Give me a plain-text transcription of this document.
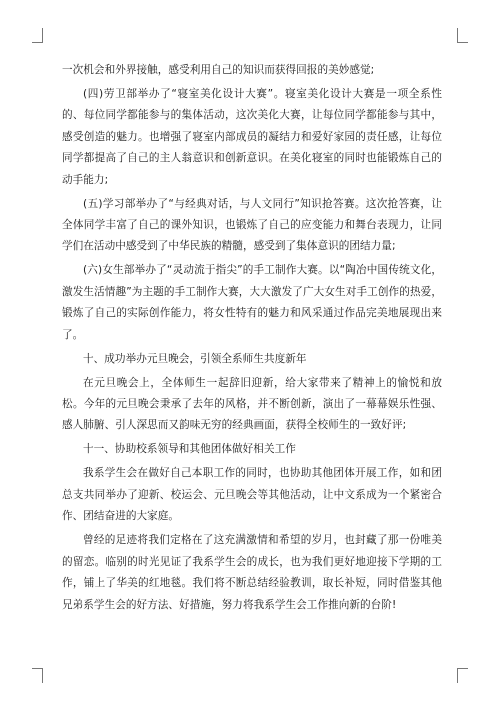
一次机会和外界接触，感受利用自己的知识而获得回报的美妙感觉;

(四)劳卫部举办了“寝室美化设计大赛”。寝室美化设计大赛是一项全系性的、每位同学都能参与的集体活动，这次美化大赛，让每位同学都能参与其中，感受创造的魅力。也增强了寝室内部成员的凝结力和爱好家园的责任感，让每位同学都提高了自己的主人翁意识和创新意识。在美化寝室的同时也能锻炼自己的动手能力;

(五)学习部举办了“与经典对话，与人文同行”知识抢答赛。这次抢答赛，让全体同学丰富了自己的课外知识，也锻炼了自己的应变能力和舞台表现力，让同学们在活动中感受到了中华民族的精髓，感受到了集体意识的团结力量;

(六)女生部举办了“灵动流于指尖”的手工制作大赛。以“陶冶中国传统文化，激发生活情趣”为主题的手工制作大赛，大大激发了广大女生对手工创作的热爱，锻炼了自己的实际创作能力，将女性特有的魅力和风采通过作品完美地展现出来了。

十、成功举办元旦晚会，引领全系师生共度新年

在元旦晚会上，全体师生一起辞旧迎新，给大家带来了精神上的愉悦和放松。今年的元旦晚会秉承了去年的风格，并不断创新，演出了一幕幕娱乐性强、感人肺腑、引人深思而又韵味无穷的经典画面，获得全校师生的一致好评;

十一、协助校系领导和其他团体做好相关工作

我系学生会在做好自己本职工作的同时，也协助其他团体开展工作，如和团总支共同举办了迎新、校运会、元旦晚会等其他活动，让中文系成为一个紧密合作、团结奋进的大家庭。

曾经的足迹将我们定格在了这充满激情和希望的岁月，也封藏了那一份唯美的留恋。临别的时光见证了我系学生会的成长，也为我们更好地迎接下学期的工作，铺上了华美的红地毯。我们将不断总结经验教训，取长补短，同时借鉴其他兄弟系学生会的好方法、好措施，努力将我系学生会工作推向新的台阶!
